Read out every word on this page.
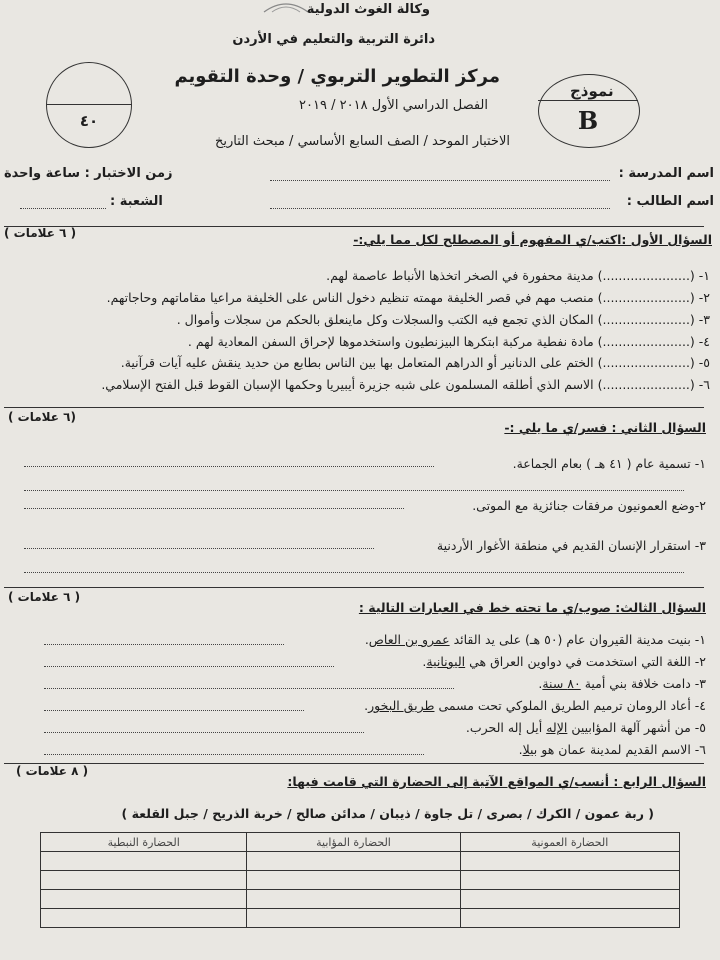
وكالة الغوث الدولية
دائرة التربية والتعليم في الأردن
مركز التطوير التربوي / وحدة التقويم
الفصل الدراسي الأول ٢٠١٨ / ٢٠١٩
الاختبار الموحد / الصف السابع الأساسي / مبحث التاريخ
نموذج
B
٤٠
اسم المدرسة :
زمن الاختبار : ساعة واحدة
اسم الطالب :
الشعبة :
السؤال الأول :اكتب/ي المفهوم أو المصطلح لكل مما يلي:-
( ٦ علامات )
١- (......................) مدينة محفورة في الصخر اتخذها الأنباط عاصمة لهم.
٢- (......................) منصب مهم في قصر الخليفة مهمته تنظيم دخول الناس على الخليفة مراعيا مقاماتهم وحاجاتهم.
٣- (......................) المكان الذي تجمع فيه الكتب والسجلات وكل ماينعلق بالحكم من سجلات وأموال .
٤- (......................) مادة نفطية مركبة ابتكرها البيزنطيون واستخدموها لإحراق السفن المعادية لهم .
٥- (......................) الختم على الدنانير أو الدراهم المتعامل بها بين الناس بطابع من حديد ينقش عليه آيات قرآنية.
٦- (......................) الاسم الذي أطلقه المسلمون على شبه جزيرة أيبيريا وحكمها الإسبان القوط قبل الفتح الإسلامي.
(٦ علامات )
السؤال الثاني : فسر/ي ما يلي :-
١- تسمية عام ( ٤١ هـ ) بعام الجماعة.
٢-وضع العمونيون مرفقات جنائزية مع الموتى.
٣- استقرار الإنسان القديم في منطقة الأغوار الأردنية
( ٦ علامات )
السؤال الثالث: صوب/ي ما تحته خط في العبارات التالية :
١- بنيت مدينة القيروان عام (٥٠ هـ) على يد القائد عمرو بن العاص.
٢- اللغة التي استخدمت في دواوين العراق هي اليونانية.
٣- دامت خلافة بني أمية ٨٠ سنة.
٤- أعاد الرومان ترميم الطريق الملوكي تحت مسمى طريق البخور.
٥- من أشهر آلهة المؤابيين الإله أيل إله الحرب.
٦- الاسم القديم لمدينة عمان هو بيلا.
( ٨ علامات )
السؤال الرابع : أنسب/ي المواقع الآتية إلى الحضارة التي قامت فيها:
( ربة عمون / الكرك / بصرى / تل جاوة / ذيبان / مدائن صالح / خربة الذريح / جبل القلعة )
الحضارة العمونية	الحضارة المؤابية	الحضارة النبطية
